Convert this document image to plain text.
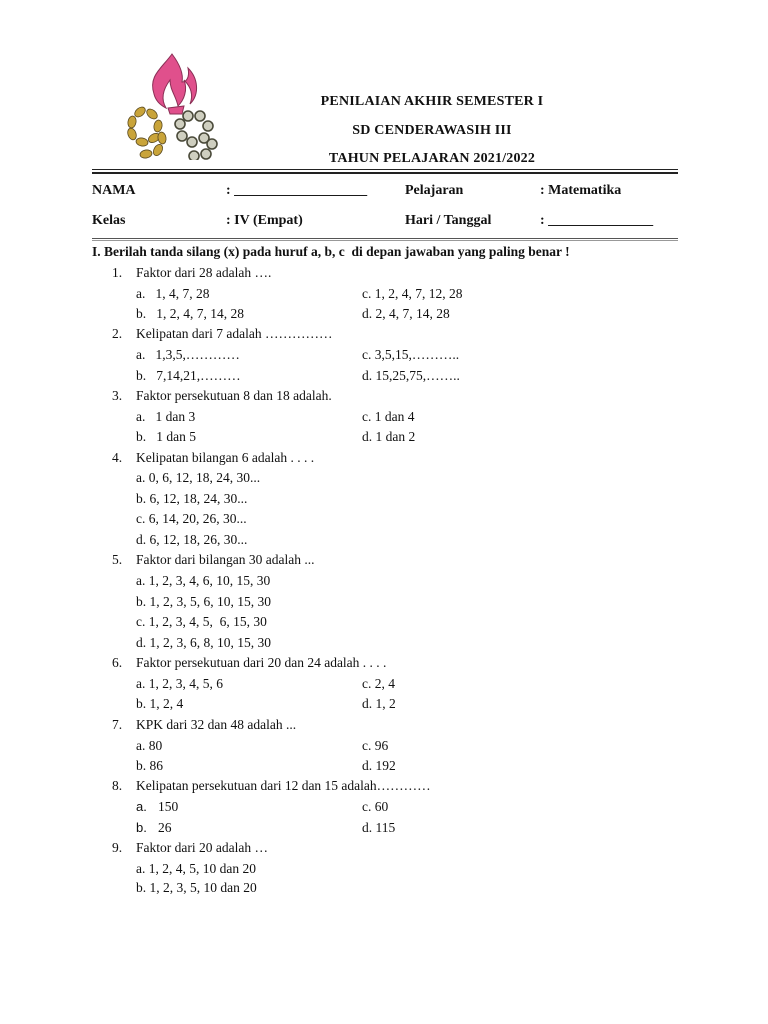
PENILAIAN AKHIR SEMESTER I
SD CENDERAWASIH III
TAHUN PELAJARAN 2021/2022
NAMA	: ___________________	Pelajaran	: Matematika
Kelas	: IV (Empat)	Hari / Tanggal	: _______________
I. Berilah tanda silang (x) pada huruf a, b, c  di depan jawaban yang paling benar !
1. Faktor dari 28 adalah ….
a.   1, 4, 7, 28	c. 1, 2, 4, 7, 12, 28
b.   1, 2, 4, 7, 14, 28	d. 2, 4, 7, 14, 28
2. Kelipatan dari 7 adalah ……………
a.   1,3,5,…………	c. 3,5,15,………..
b.   7,14,21,………	d. 15,25,75,……..
3. Faktor persekutuan 8 dan 18 adalah.
a.   1 dan 3	c. 1 dan 4
b.   1 dan 5	d. 1 dan 2
4. Kelipatan bilangan 6 adalah . . . .
a. 0, 6, 12, 18, 24, 30...
b. 6, 12, 18, 24, 30...
c. 6, 14, 20, 26, 30...
d. 6, 12, 18, 26, 30...
5. Faktor dari bilangan 30 adalah ...
a. 1, 2, 3, 4, 6, 10, 15, 30
b. 1, 2, 3, 5, 6, 10, 15, 30
c. 1, 2, 3, 4, 5,  6, 15, 30
d. 1, 2, 3, 6, 8, 10, 15, 30
6. Faktor persekutuan dari 20 dan 24 adalah . . . .
a. 1, 2, 3, 4, 5, 6	c. 2, 4
b. 1, 2, 4	d. 1, 2
7. KPK dari 32 dan 48 adalah ...
a. 80	c. 96
b. 86	d. 192
8. Kelipatan persekutuan dari 12 dan 15 adalah…………
a. 150	c. 60
b. 26	d. 115
9. Faktor dari 20 adalah …
a. 1, 2, 4, 5, 10 dan 20
b. 1, 2, 3, 5, 10 dan 20
